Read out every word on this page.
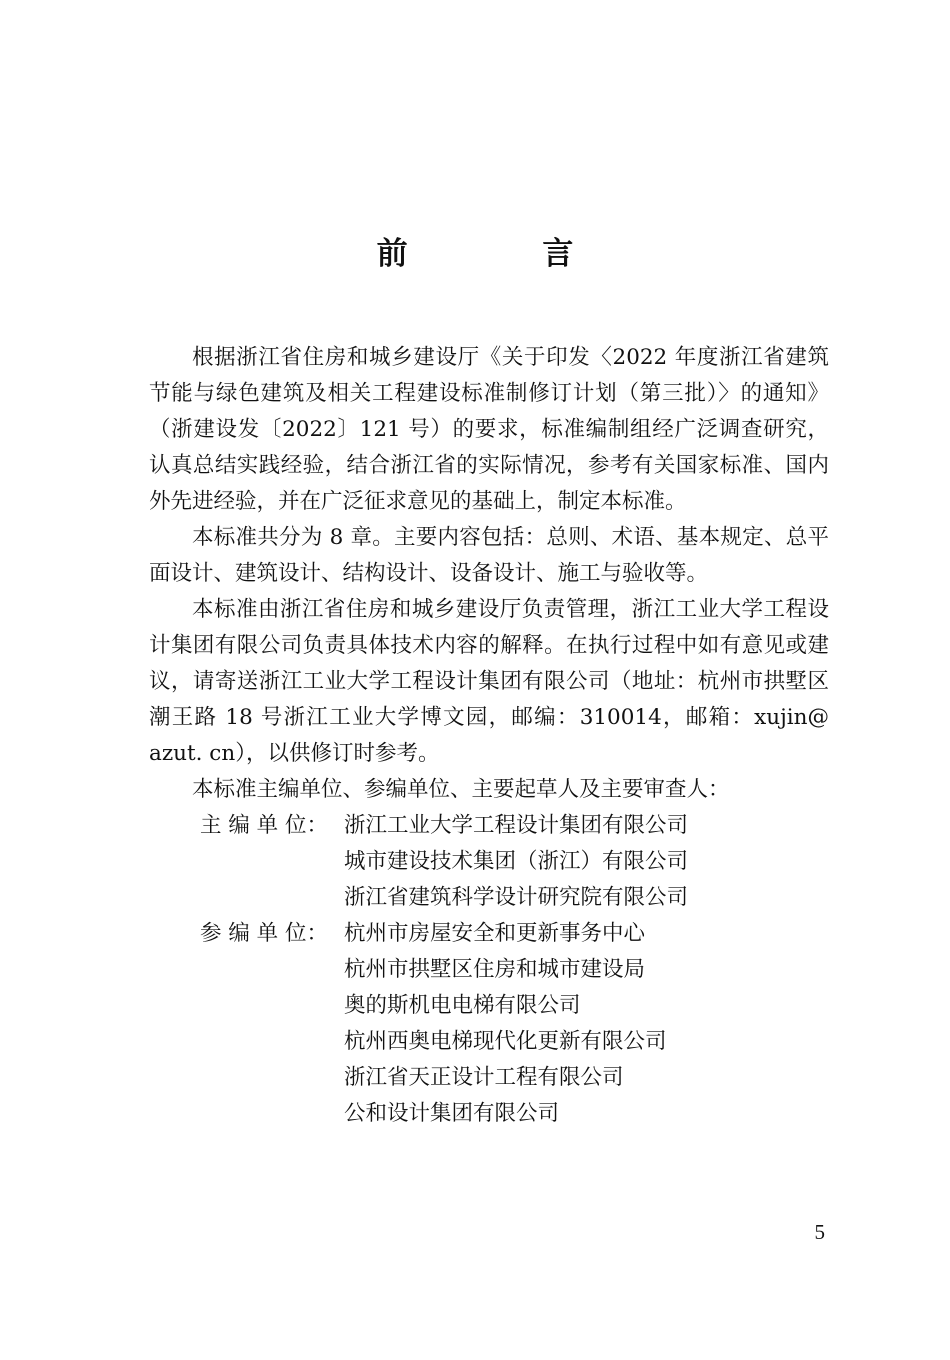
前 言

根据浙江省住房和城乡建设厅《关于印发〈2022 年度浙江省建筑节能与绿色建筑及相关工程建设标准制修订计划（第三批）〉的通知》（浙建设发〔2022〕121 号）的要求，标准编制组经广泛调查研究，认真总结实践经验，结合浙江省的实际情况，参考有关国家标准、国内外先进经验，并在广泛征求意见的基础上，制定本标准。

本标准共分为 8 章。主要内容包括：总则、术语、基本规定、总平面设计、建筑设计、结构设计、设备设计、施工与验收等。

本标准由浙江省住房和城乡建设厅负责管理，浙江工业大学工程设计集团有限公司负责具体技术内容的解释。在执行过程中如有意见或建议，请寄送浙江工业大学工程设计集团有限公司（地址：杭州市拱墅区潮王路 18 号浙江工业大学博文园，邮编：310014，邮箱：xujin@ azut. cn），以供修订时参考。

本标准主编单位、参编单位、主要起草人及主要审查人：

主 编 单 位： 浙江工业大学工程设计集团有限公司
城市建设技术集团（浙江）有限公司
浙江省建筑科学设计研究院有限公司
参 编 单 位： 杭州市房屋安全和更新事务中心
杭州市拱墅区住房和城市建设局
奥的斯机电电梯有限公司
杭州西奥电梯现代化更新有限公司
浙江省天正设计工程有限公司
公和设计集团有限公司
5
